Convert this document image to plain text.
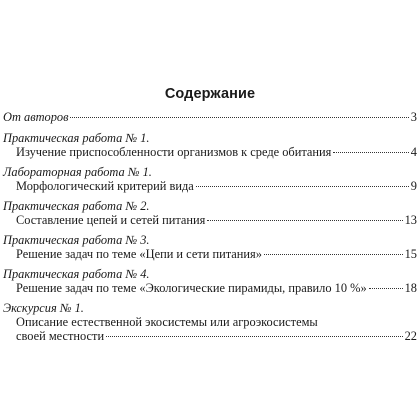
Содержание
От авторов	3
Практическая работа № 1.
Изучение приспособленности организмов к среде обитания	4
Лабораторная работа № 1.
Морфологический критерий вида	9
Практическая работа № 2.
Составление цепей и сетей питания	13
Практическая работа № 3.
Решение задач по теме «Цепи и сети питания»	15
Практическая работа № 4.
Решение задач по теме «Экологические пирамиды, правило 10 %»	18
Экскурсия № 1.
Описание естественной экосистемы или агроэкосистемы
своей местности	22
